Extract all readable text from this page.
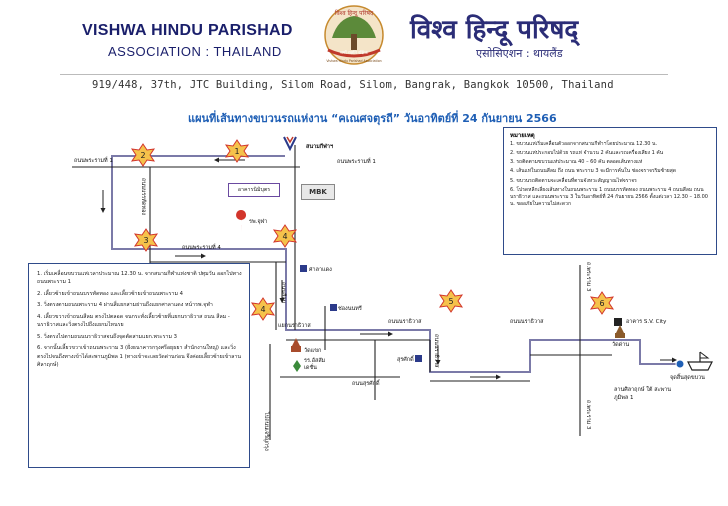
VISHWA HINDU PARISHAD
ASSOCIATION : THAILAND
विश्व हिन्दू परिषद
धर्मो रक्षति रक्षितः
Vishwa Hindu Parishad Association
विश्व हिन्दू परिषद्
एसोसिएशन : थायलैंड
919/448, 37th, JTC Building, Silom Road, Silom, Bangrak, Bangkok 10500, Thailand
แผนที่เส้นทางขบวนรถแห่งาน “คเณศจตุรถี” วันอาทิตย์ที่ 24 กันยายน 2566
1
2
3	4
4
5	6
อาคารนิมิบุตร	MBK
ถนนพระรามที่ 1	ถนนพระรามที่ 1
ถนนบรรทัดทอง
ถนนพระรามที่ 4
ถนนสีลม
แยกนราธิวาส
ถนนนราธิวาส	ถนนนราธิวาส
ถนนนราธิวาส
ถนนสุรศักดิ์
ไปถนนเจริญกรุง
ถ.พระราม 3
ถ.พระราม 3
สนามกีฬาฯ
รพ.จุฬา
ศาลาแดง
ช่องนนทรี
วัดแขก
รร.อัสสัม เดชั่น
สุรศักดิ์
อาคาร S.V. City
วัดด่าน
ลานศิลาฤกษ์ ใต้ สะพานภูมิพล 1
จุดสิ้นสุดขบวน
หมายเหตุ

1. ขบวนแห่เริ่มเคลื่อนตัวออกจากสนามกีฬาฯโดยประมาณ 12.30 น.

2. ขบวนแห่ประกอบไปด้วย รถแห่ จำนวน 2 คันและรถเครื่องเสียง 1 คัน

3. รถติดตามขบวนแห่ประมาณ 40 – 60 คัน ตลอดเส้นทางแห่

4. เส้นแห่ในถนนสีลม ถึง ถนน พระราม 3 จะมีการคั่นใน ช่องจราจรริมซ้ายสุด

5. ขบวนรถติดตามจะเคลื่อนที่ตามจังหวะสัญญาณไฟจราจร

6. โปรดหลีกเลี่ยงเส้นทางในถนนพระราม 1 ถนนบรรทัดทอง ถนนพระราม 4 ถนนสีลม ถนนนราธิวาส และถนนพระราม 3 ในวันอาทิตย์ที่ 24 กันยายน 2566 ตั้งแต่เวลา 12.30 – 18.00 น. ขออภัยในความไม่สะดวก

1. เริ่มเคลื่อนขบวนแห่เวลาประมาณ 12.30 น. จากสนามกีฬาแห่งชาติ ปทุมวัน ออกไปทางถนนพระราม 1

2. เลี้ยวซ้ายเข้าถนนบรรทัดทอง และเลี้ยวซ้ายเข้าถนนพระราม 4

3. วิ่งตรงตามถนนพระราม 4 ผ่านสี่แยกสามย่านถึงแยกศาลาแดง หน้ารพ.จุฬา

4. เลี้ยวขวาเข้าถนนสีลม ตรงไปตลอด จนกระทั่งเลี้ยวซ้ายที่แยกนราธิวาส ถนน สีลม - นราธิวาสและวิ่งตรงไปถึงแยกมไหนรย

5. วิ่งตรงไปตามถนนนราธิวาสจนถึงจุดตัดสามแยก.พระราม 3

6. จากนั้นเลี้ยวขวาเข้าถนนพระราม 3 (ฝั่งธนาคารกรุงศรีอยุธยา สำนักงานใหญ่) และวิ่งตรงไปจนถึงทางเข้าได้สะพานภูมิพล 1 (ทางเข้าจะเลยวัดด่านก่อน จึงค่อยเลี้ยวซ้ายเข้าลานศิลาฤกษ์)
